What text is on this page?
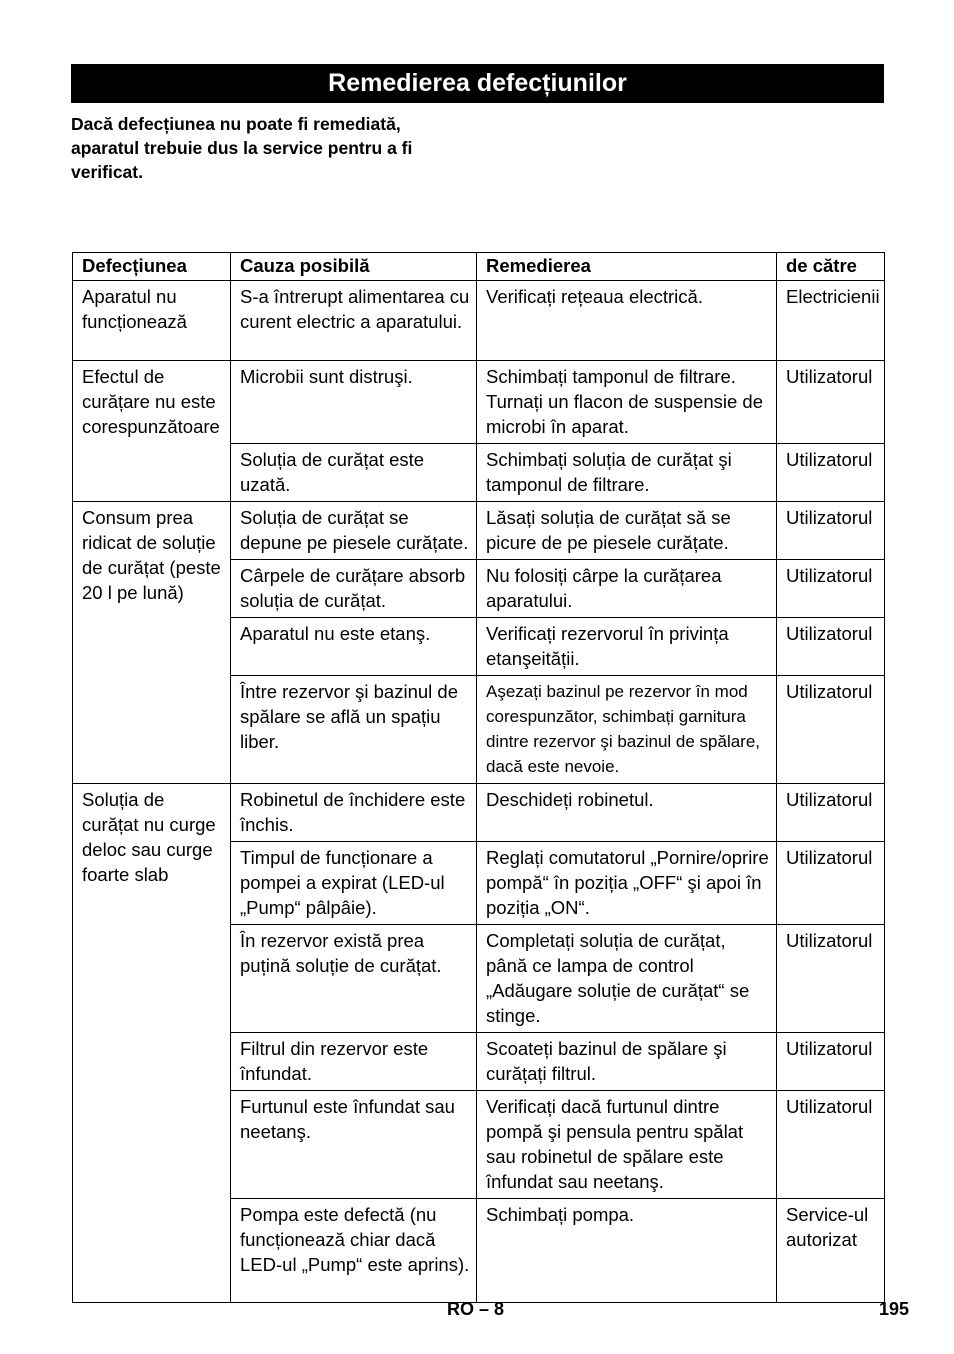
Remedierea defecțiunilor
Dacă defecțiunea nu poate fi remediată, aparatul trebuie dus la service pentru a fi verificat.
Defecțiunea	Cauza posibilă	Remedierea	de către
Aparatul nu funcționează	S-a întrerupt alimentarea cu curent electric a aparatului.	Verificați rețeaua electrică.	Electricienii
Efectul de curățare nu este corespunzătoare	Microbii sunt distruşi.	Schimbați tamponul de filtrare. Turnați un flacon de suspensie de microbi în aparat.	Utilizatorul
	Soluția de curățat este uzată.	Schimbați soluția de curățat şi tamponul de filtrare.	Utilizatorul
Consum prea ridicat de soluție de curățat (peste 20 l pe lună)	Soluția de curățat se depune pe piesele curățate.	Lăsați soluția de curățat să se picure de pe piesele curățate.	Utilizatorul
	Cârpele de curățare absorb soluția de curățat.	Nu folosiți cârpe la curățarea aparatului.	Utilizatorul
	Aparatul nu este etanş.	Verificați rezervorul în privința etanşeității.	Utilizatorul
	Între rezervor şi bazinul de spălare se află un spațiu liber.	Aşezați bazinul pe rezervor în mod corespunzător, schimbați garnitura dintre rezervor şi bazinul de spălare, dacă este nevoie.	Utilizatorul
Soluția de curățat nu curge deloc sau curge foarte slab	Robinetul de închidere este închis.	Deschideți robinetul.	Utilizatorul
	Timpul de funcționare a pompei a expirat (LED-ul „Pump“ pâlpâie).	Reglați comutatorul „Pornire/oprire pompă“ în poziția „OFF“ şi apoi în poziția „ON“.	Utilizatorul
	În rezervor există prea puțină soluție de curățat.	Completați soluția de curățat, până ce lampa de control „Adăugare soluție de curățat“ se stinge.	Utilizatorul
	Filtrul din rezervor este înfundat.	Scoateți bazinul de spălare şi curățați filtrul.	Utilizatorul
	Furtunul este înfundat sau neetanş.	Verificați dacă furtunul dintre pompă şi pensula pentru spălat sau robinetul de spălare este înfundat sau neetanş.	Utilizatorul
	Pompa este defectă (nu funcționează chiar dacă LED-ul „Pump“ este aprins).	Schimbați pompa.	Service-ul autorizat
RO – 8	195
